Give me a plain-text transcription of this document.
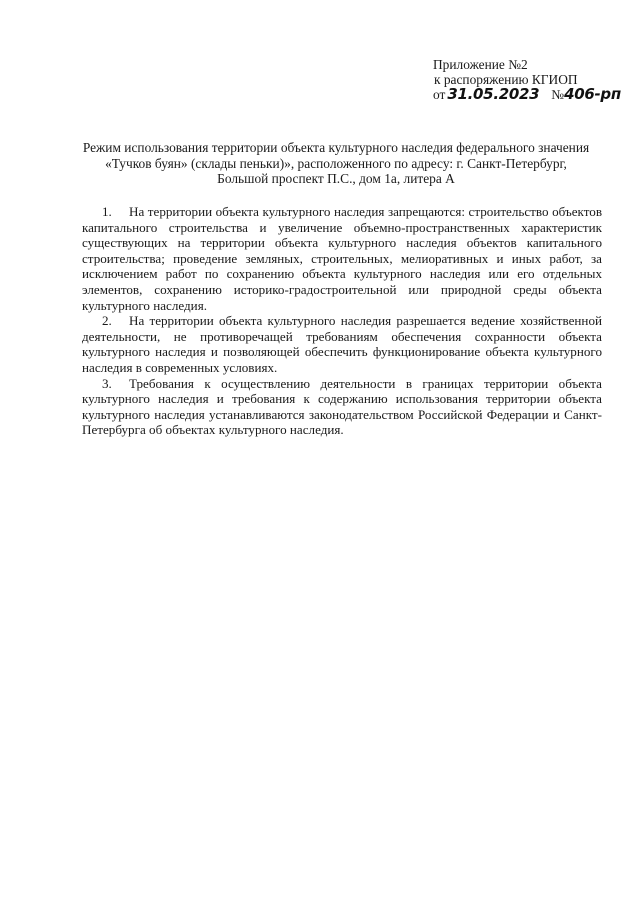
Приложение №2
к распоряжению КГИОП
от 31.05.2023 №406-рп
Режим использования территории объекта культурного наследия федерального значения
«Тучков буян» (склады пеньки)», расположенного по адресу: г. Санкт-Петербург,
Большой проспект П.С., дом 1а, литера А

1. На территории объекта культурного наследия запрещаются: строительство объектов капитального строительства и увеличение объемно-пространственных характеристик существующих на территории объекта культурного наследия объектов капитального строительства; проведение земляных, строительных, мелиоративных и иных работ, за исключением работ по сохранению объекта культурного наследия или его отдельных элементов, сохранению историко-градостроительной или природной среды объекта культурного наследия.

2. На территории объекта культурного наследия разрешается ведение хозяйственной деятельности, не противоречащей требованиям обеспечения сохранности объекта культурного наследия и позволяющей обеспечить функционирование объекта культурного наследия в современных условиях.

3. Требования к осуществлению деятельности в границах территории объекта культурного наследия и требования к содержанию использования территории объекта культурного наследия устанавливаются законодательством Российской Федерации и Санкт-Петербурга об объектах культурного наследия.
